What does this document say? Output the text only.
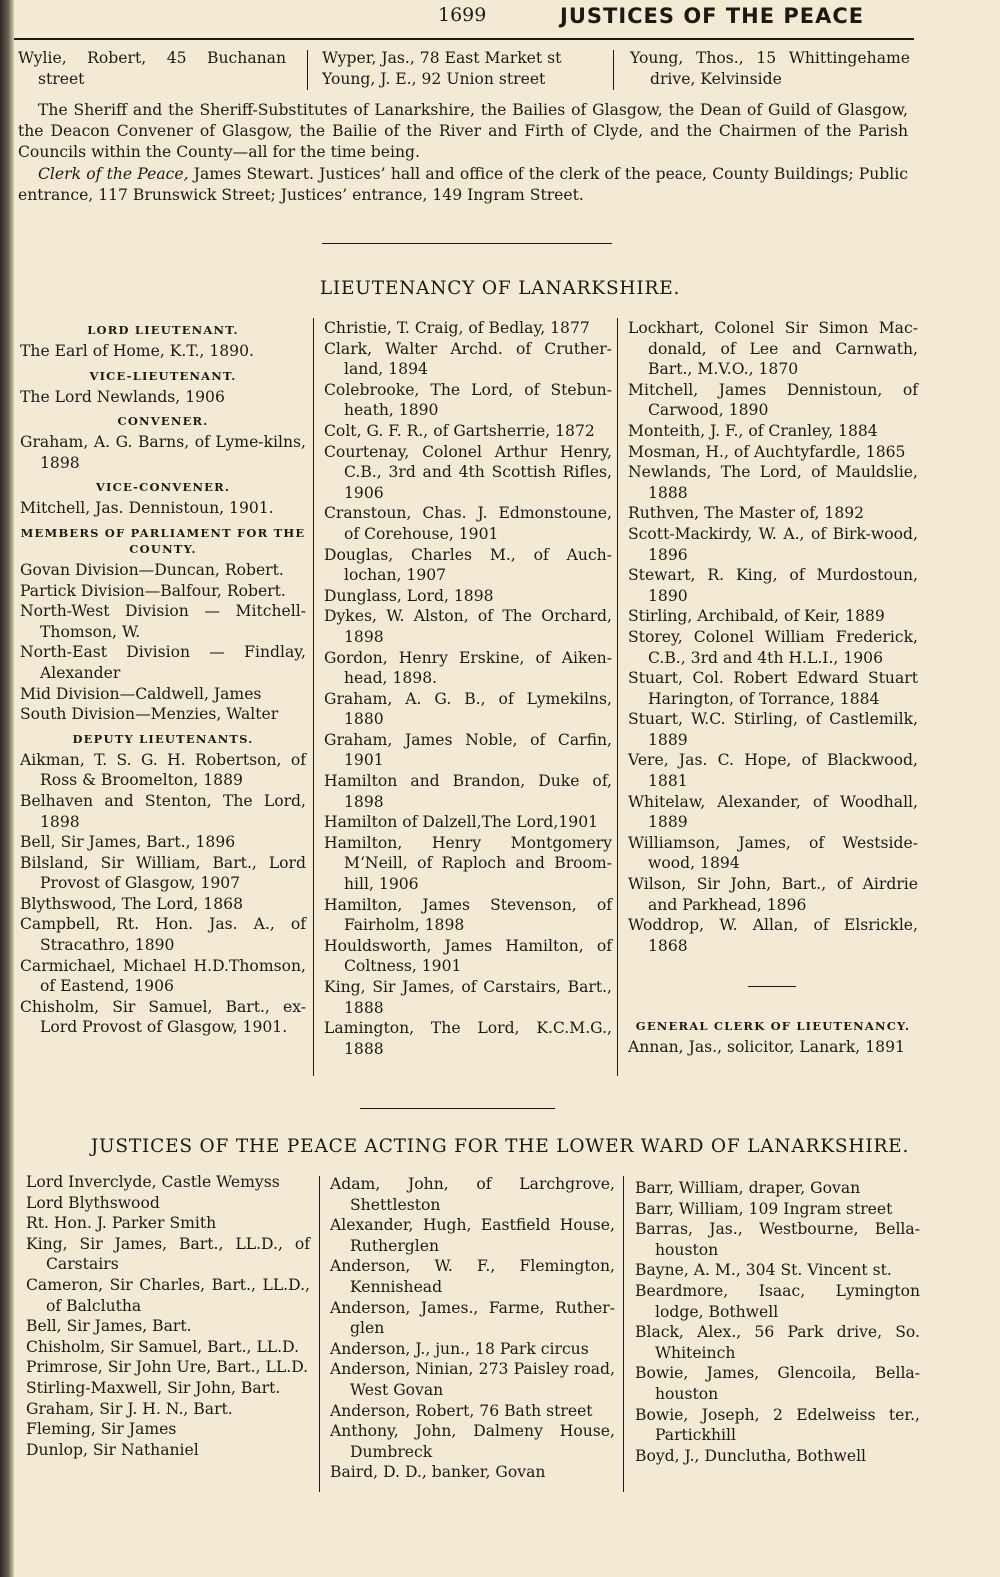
1699	JUSTICES OF THE PEACE

Wylie, Robert, 45 Buchanan street

Wyper, Jas., 78 East Market st

Young, J. E., 92 Union street

Young, Thos., 15 Whittingehame drive, Kelvinside

The Sheriff and the Sheriff-Substitutes of Lanarkshire, the Bailies of Glasgow, the Dean of Guild of Glasgow, the Deacon Convener of Glasgow, the Bailie of the River and Firth of Clyde, and the Chairmen of the Parish Councils within the County—all for the time being.
Clerk of the Peace, James Stewart. Justices’ hall and office of the clerk of the peace, County Buildings; Public entrance, 117 Brunswick Street; Justices’ entrance, 149 Ingram Street.
LIEUTENANCY OF LANARKSHIRE.
LORD LIEUTENANT.

The Earl of Home, K.T., 1890.

VICE-LIEUTENANT.

The Lord Newlands, 1906

CONVENER.

Graham, A. G. Barns, of Lyme-kilns, 1898

VICE-CONVENER.

Mitchell, Jas. Dennistoun, 1901.

MEMBERS OF PARLIAMENT FOR THE COUNTY.

Govan Division—Duncan, Robert.

Partick Division—Balfour, Robert.

North-West Division — Mitchell-Thomson, W.

North-East Division — Findlay, Alexander

Mid Division—Caldwell, James

South Division—Menzies, Walter

DEPUTY LIEUTENANTS.

Aikman, T. S. G. H. Robertson, of Ross & Broomelton, 1889

Belhaven and Stenton, The Lord, 1898

Bell, Sir James, Bart., 1896

Bilsland, Sir William, Bart., Lord Provost of Glasgow, 1907

Blythswood, The Lord, 1868

Campbell, Rt. Hon. Jas. A., of Stracathro, 1890

Carmichael, Michael H.D.Thomson, of Eastend, 1906

Chisholm, Sir Samuel, Bart., ex-Lord Provost of Glasgow, 1901.

Christie, T. Craig, of Bedlay, 1877

Clark, Walter Archd. of Cruther-land, 1894

Colebrooke, The Lord, of Stebun-heath, 1890

Colt, G. F. R., of Gartsherrie, 1872

Courtenay, Colonel Arthur Henry, C.B., 3rd and 4th Scottish Rifles, 1906

Cranstoun, Chas. J. Edmonstoune, of Corehouse, 1901

Douglas, Charles M., of Auch-lochan, 1907

Dunglass, Lord, 1898

Dykes, W. Alston, of The Orchard, 1898

Gordon, Henry Erskine, of Aiken-head, 1898.

Graham, A. G. B., of Lymekilns, 1880

Graham, James Noble, of Carfin, 1901

Hamilton and Brandon, Duke of, 1898

Hamilton of Dalzell,The Lord,1901

Hamilton, Henry Montgomery M‘Neill, of Raploch and Broom-hill, 1906

Hamilton, James Stevenson, of Fairholm, 1898

Houldsworth, James Hamilton, of Coltness, 1901

King, Sir James, of Carstairs, Bart., 1888

Lamington, The Lord, K.C.M.G., 1888

Lockhart, Colonel Sir Simon Mac-donald, of Lee and Carnwath, Bart., M.V.O., 1870

Mitchell, James Dennistoun, of Carwood, 1890

Monteith, J. F., of Cranley, 1884

Mosman, H., of Auchtyfardle, 1865

Newlands, The Lord, of Mauldslie, 1888

Ruthven, The Master of, 1892

Scott-Mackirdy, W. A., of Birk-wood, 1896

Stewart, R. King, of Murdostoun, 1890

Stirling, Archibald, of Keir, 1889

Storey, Colonel William Frederick, C.B., 3rd and 4th H.L.I., 1906

Stuart, Col. Robert Edward Stuart Harington, of Torrance, 1884

Stuart, W.C. Stirling, of Castlemilk, 1889

Vere, Jas. C. Hope, of Blackwood, 1881

Whitelaw, Alexander, of Woodhall, 1889

Williamson, James, of Westside-wood, 1894

Wilson, Sir John, Bart., of Airdrie and Parkhead, 1896

Woddrop, W. Allan, of Elsrickle, 1868

GENERAL CLERK OF LIEUTENANCY.

Annan, Jas., solicitor, Lanark, 1891

JUSTICES OF THE PEACE ACTING FOR THE LOWER WARD OF LANARKSHIRE.

Lord Inverclyde, Castle Wemyss

Lord Blythswood

Rt. Hon. J. Parker Smith

King, Sir James, Bart., LL.D., of Carstairs

Cameron, Sir Charles, Bart., LL.D., of Balclutha

Bell, Sir James, Bart.

Chisholm, Sir Samuel, Bart., LL.D.

Primrose, Sir John Ure, Bart., LL.D.

Stirling-Maxwell, Sir John, Bart.

Graham, Sir J. H. N., Bart.

Fleming, Sir James

Dunlop, Sir Nathaniel

Adam, John, of Larchgrove, Shettleston

Alexander, Hugh, Eastfield House, Rutherglen

Anderson, W. F., Flemington, Kennishead

Anderson, James., Farme, Ruther-glen

Anderson, J., jun., 18 Park circus

Anderson, Ninian, 273 Paisley road, West Govan

Anderson, Robert, 76 Bath street

Anthony, John, Dalmeny House, Dumbreck

Baird, D. D., banker, Govan

Barr, William, draper, Govan

Barr, William, 109 Ingram street

Barras, Jas., Westbourne, Bella-houston

Bayne, A. M., 304 St. Vincent st.

Beardmore, Isaac, Lymington lodge, Bothwell

Black, Alex., 56 Park drive, So. Whiteinch

Bowie, James, Glencoila, Bella-houston

Bowie, Joseph, 2 Edelweiss ter., Partickhill

Boyd, J., Dunclutha, Bothwell
